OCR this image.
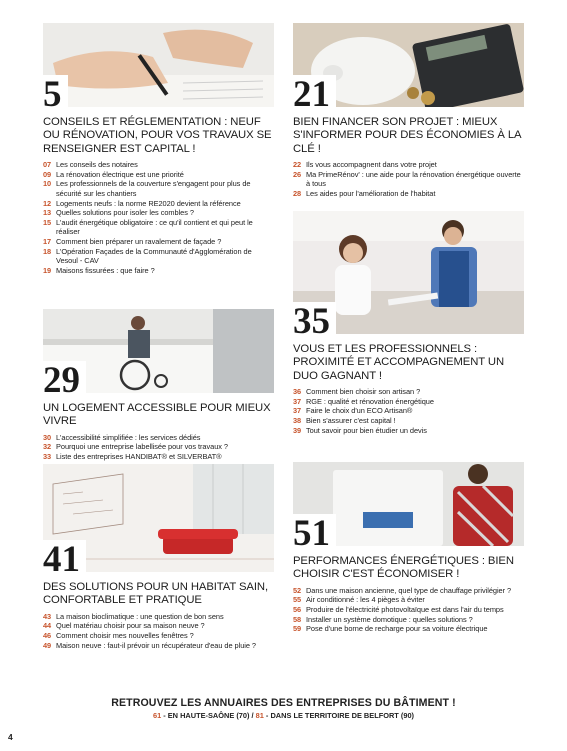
5
CONSEILS ET RÉGLEMENTATION : NEUF OU RÉNOVATION, POUR VOS TRAVAUX SE RENSEIGNER EST CAPITAL !
07 Les conseils des notaires
09 La rénovation électrique est une priorité
10 Les professionnels de la couverture s'engagent pour plus de sécurité sur les chantiers
12 Logements neufs : la norme RE2020 devient la référence
13 Quelles solutions pour isoler les combles ?
15 L'audit énergétique obligatoire : ce qu'il contient et qui peut le réaliser
17 Comment bien préparer un ravalement de façade ?
18 L'Opération Façades de la Communauté d'Agglomération de Vesoul - CAV
19 Maisons fissurées : que faire ?
21
BIEN FINANCER SON PROJET : MIEUX S'INFORMER POUR DES ÉCONOMIES À LA CLÉ !
22 Ils vous accompagnent dans votre projet
26 Ma PrimeRénov' : une aide pour la rénovation énergétique ouverte à tous
28 Les aides pour l'amélioration de l'habitat
29
UN LOGEMENT ACCESSIBLE POUR MIEUX VIVRE
30 L'accessibilité simplifiée : les services dédiés
32 Pourquoi une entreprise labellisée pour vos travaux ?
33 Liste des entreprises HANDIBAT® et SILVERBAT®
35
VOUS ET LES PROFESSIONNELS : PROXIMITÉ ET ACCOMPAGNEMENT UN DUO GAGNANT !
36 Comment bien choisir son artisan ?
37 RGE : qualité et rénovation énergétique
37 Faire le choix d'un ECO Artisan®
38 Bien s'assurer c'est capital !
39 Tout savoir pour bien étudier un devis
41
DES SOLUTIONS POUR UN HABITAT SAIN, CONFORTABLE ET PRATIQUE
43 La maison bioclimatique : une question de bon sens
44 Quel matériau choisir pour sa maison neuve ?
46 Comment choisir mes nouvelles fenêtres ?
49 Maison neuve : faut-il prévoir un récupérateur d'eau de pluie ?
51
PERFORMANCES ÉNERGÉTIQUES : BIEN CHOISIR C'EST ÉCONOMISER !
52 Dans une maison ancienne, quel type de chauffage privilégier ?
55 Air conditionné : les 4 pièges à éviter
56 Produire de l'électricité photovoltaïque est dans l'air du temps
58 Installer un système domotique : quelles solutions ?
59 Pose d'une borne de recharge pour sa voiture électrique
RETROUVEZ LES ANNUAIRES DES ENTREPRISES DU BÂTIMENT !
61 - EN HAUTE-SAÔNE (70) / 81 - DANS LE TERRITOIRE DE BELFORT (90)
4
